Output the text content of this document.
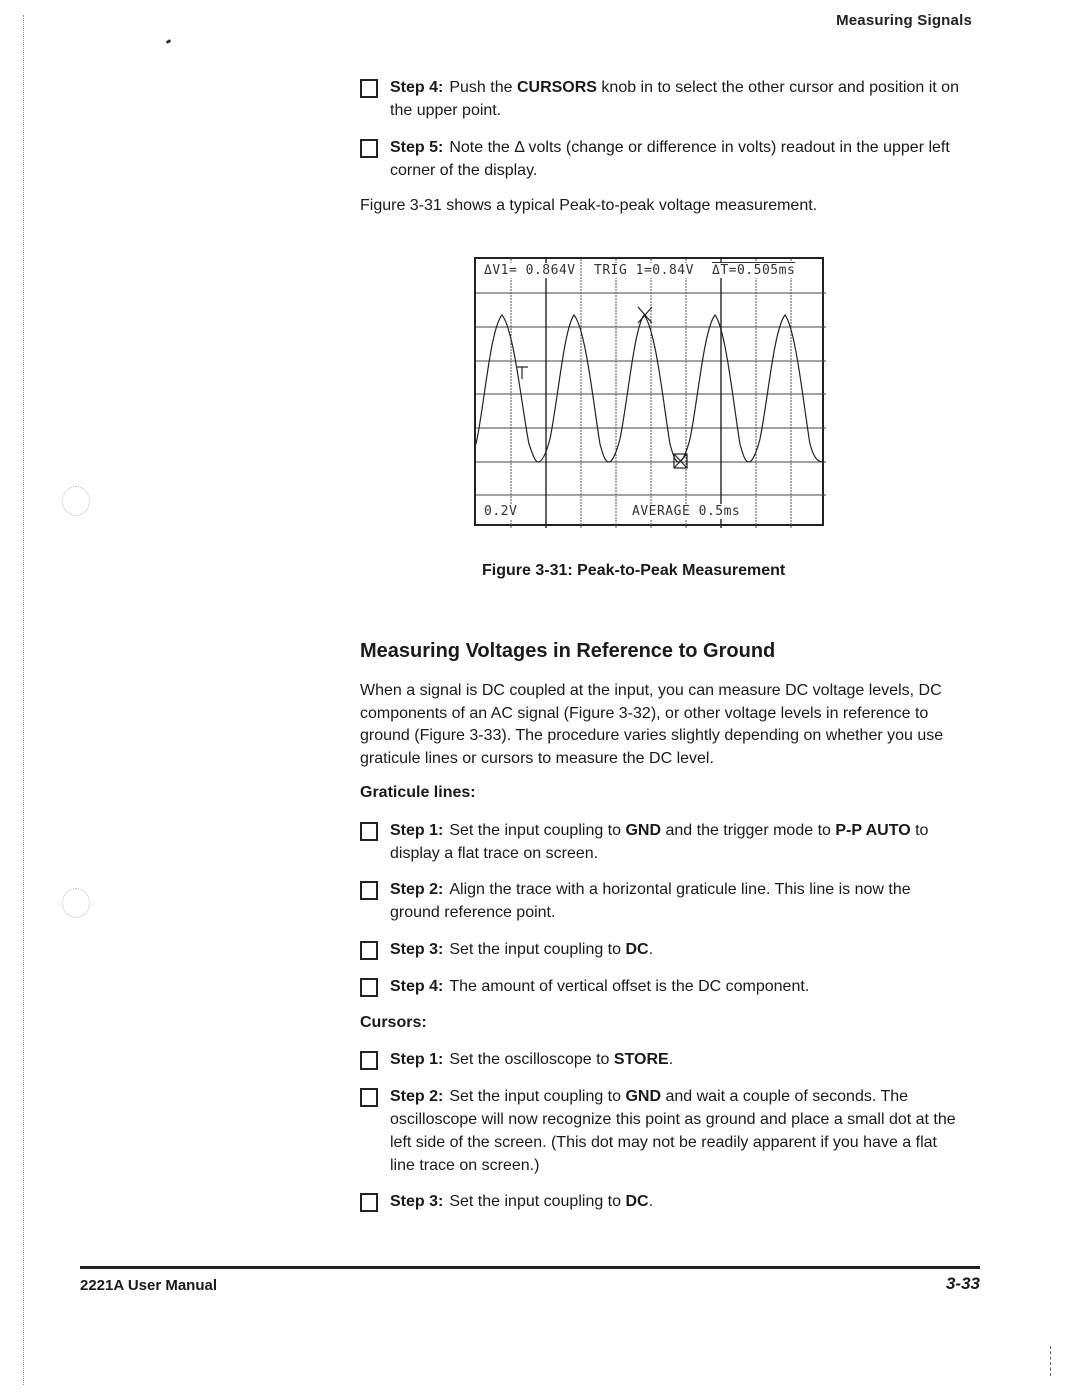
Measuring Signals
Step 4: Push the CURSORS knob in to select the other cursor and position it on the upper point.
Step 5: Note the Δ volts (change or difference in volts) readout in the upper left corner of the display.
Figure 3-31 shows a typical Peak-to-peak voltage measurement.
ΔV1= 0.864V TRIG 1=0.84V ΔT=0.505ms
0.2V	AVERAGE 0.5ms
Figure 3-31: Peak-to-Peak Measurement
Measuring Voltages in Reference to Ground
When a signal is DC coupled at the input, you can measure DC voltage levels, DC components of an AC signal (Figure 3-32), or other voltage levels in reference to ground (Figure 3-33). The procedure varies slightly depending on whether you use graticule lines or cursors to measure the DC level.
Graticule lines:
Step 1: Set the input coupling to GND and the trigger mode to P-P AUTO to display a flat trace on screen.
Step 2: Align the trace with a horizontal graticule line. This line is now the ground reference point.
Step 3: Set the input coupling to DC.
Step 4: The amount of vertical offset is the DC component.
Cursors:
Step 1: Set the oscilloscope to STORE.
Step 2: Set the input coupling to GND and wait a couple of seconds. The oscilloscope will now recognize this point as ground and place a small dot at the left side of the screen. (This dot may not be readily apparent if you have a flat line trace on screen.)
Step 3: Set the input coupling to DC.
2221A User Manual	3-33
